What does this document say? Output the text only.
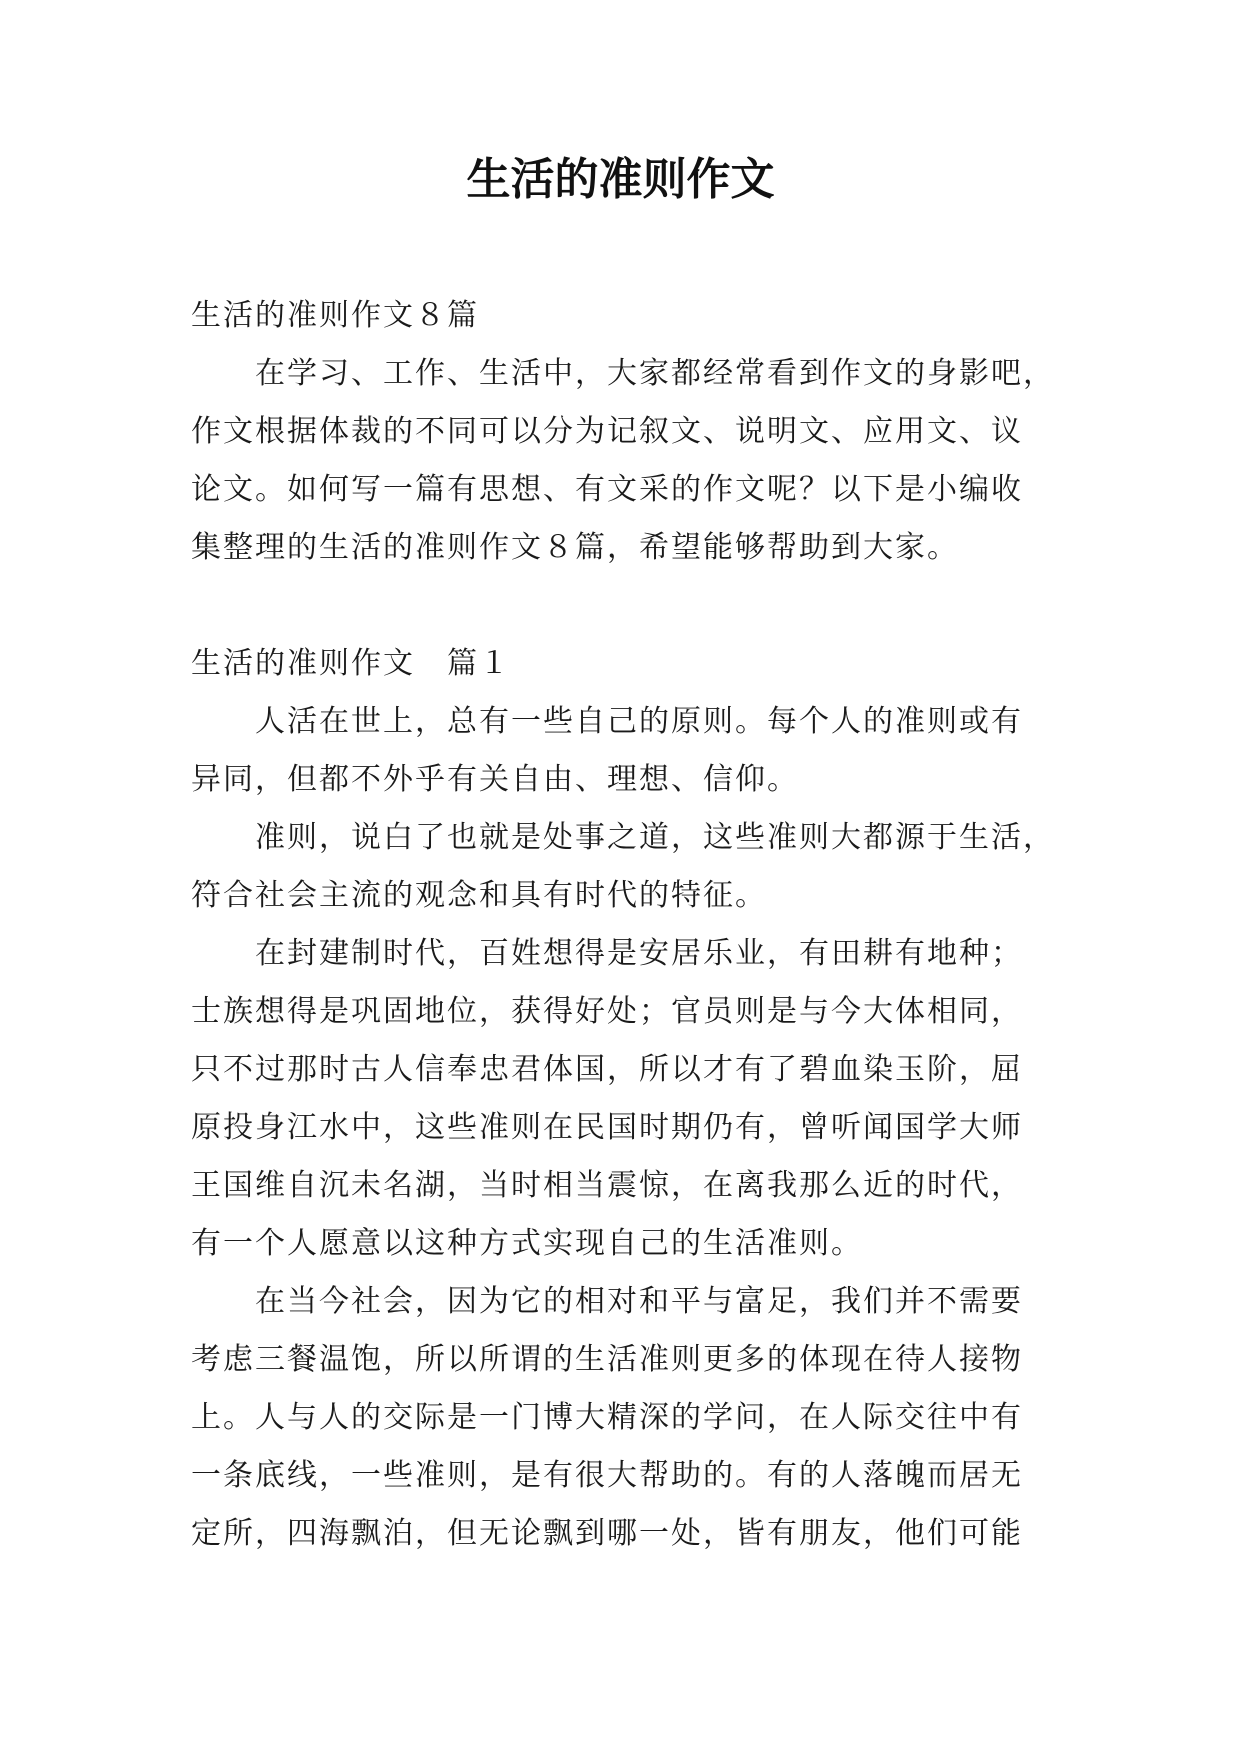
生活的准则作文

生活的准则作文８篇

在学习、工作、生活中，大家都经常看到作文的身影吧，

作文根据体裁的不同可以分为记叙文、说明文、应用文、议

论文。如何写一篇有思想、有文采的作文呢？以下是小编收

集整理的生活的准则作文８篇，希望能够帮助到大家。

生活的准则作文　篇１

人活在世上，总有一些自己的原则。每个人的准则或有

异同，但都不外乎有关自由、理想、信仰。

准则，说白了也就是处事之道，这些准则大都源于生活，

符合社会主流的观念和具有时代的特征。

在封建制时代，百姓想得是安居乐业，有田耕有地种；

士族想得是巩固地位，获得好处；官员则是与今大体相同，

只不过那时古人信奉忠君体国，所以才有了碧血染玉阶，屈

原投身江水中，这些准则在民国时期仍有，曾听闻国学大师

王国维自沉未名湖，当时相当震惊，在离我那么近的时代，

有一个人愿意以这种方式实现自己的生活准则。

在当今社会，因为它的相对和平与富足，我们并不需要

考虑三餐温饱，所以所谓的生活准则更多的体现在待人接物

上。人与人的交际是一门博大精深的学问，在人际交往中有

一条底线，一些准则，是有很大帮助的。有的人落魄而居无

定所，四海飘泊，但无论飘到哪一处，皆有朋友，他们可能
